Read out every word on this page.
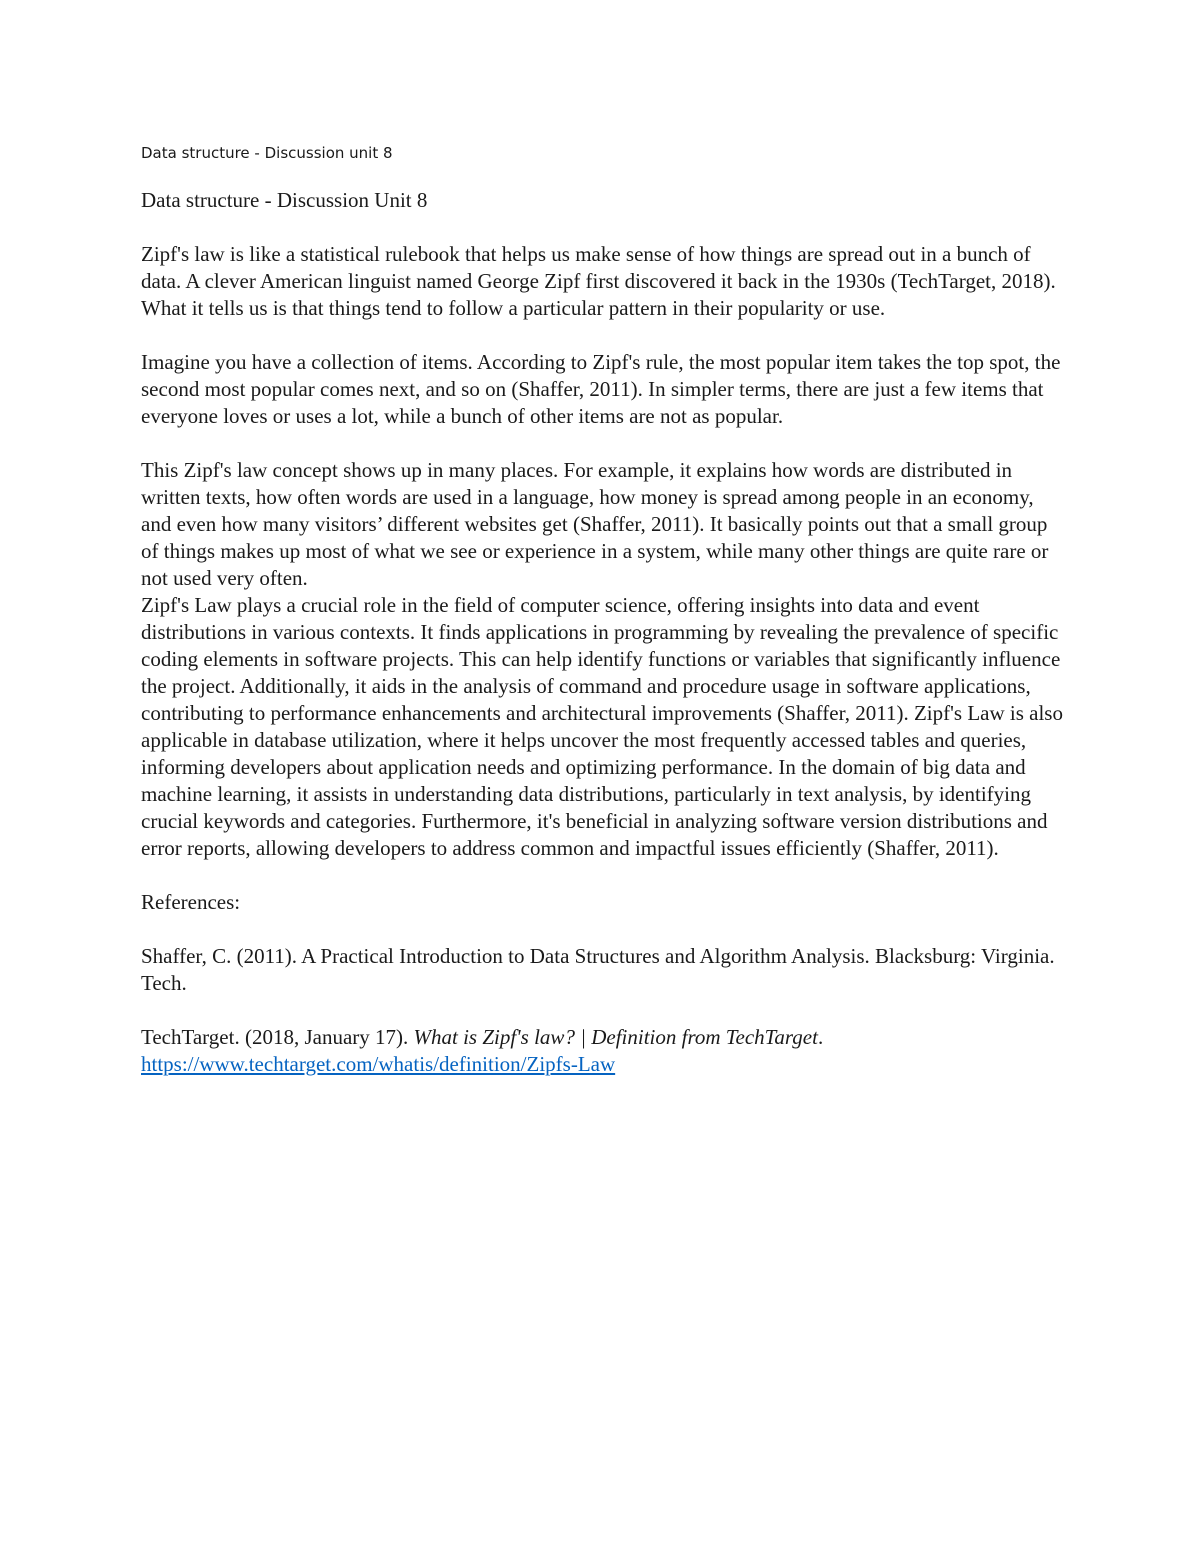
Data structure - Discussion unit 8

Data structure - Discussion Unit 8

Zipf's law is like a statistical rulebook that helps us make sense of how things are spread out in a bunch of data. A clever American linguist named George Zipf first discovered it back in the 1930s (TechTarget, 2018). What it tells us is that things tend to follow a particular pattern in their popularity or use.

Imagine you have a collection of items. According to Zipf's rule, the most popular item takes the top spot, the second most popular comes next, and so on (Shaffer, 2011). In simpler terms, there are just a few items that everyone loves or uses a lot, while a bunch of other items are not as popular.

This Zipf's law concept shows up in many places. For example, it explains how words are distributed in written texts, how often words are used in a language, how money is spread among people in an economy, and even how many visitors’ different websites get (Shaffer, 2011). It basically points out that a small group of things makes up most of what we see or experience in a system, while many other things are quite rare or not used very often.

Zipf's Law plays a crucial role in the field of computer science, offering insights into data and event distributions in various contexts. It finds applications in programming by revealing the prevalence of specific coding elements in software projects. This can help identify functions or variables that significantly influence the project. Additionally, it aids in the analysis of command and procedure usage in software applications, contributing to performance enhancements and architectural improvements (Shaffer, 2011). Zipf's Law is also applicable in database utilization, where it helps uncover the most frequently accessed tables and queries, informing developers about application needs and optimizing performance. In the domain of big data and machine learning, it assists in understanding data distributions, particularly in text analysis, by identifying crucial keywords and categories. Furthermore, it's beneficial in analyzing software version distributions and error reports, allowing developers to address common and impactful issues efficiently (Shaffer, 2011).

References:

Shaffer, C. (2011). A Practical Introduction to Data Structures and Algorithm Analysis. Blacksburg: Virginia. Tech.

TechTarget. (2018, January 17). What is Zipf's law? | Definition from TechTarget. https://www.techtarget.com/whatis/definition/Zipfs-Law
